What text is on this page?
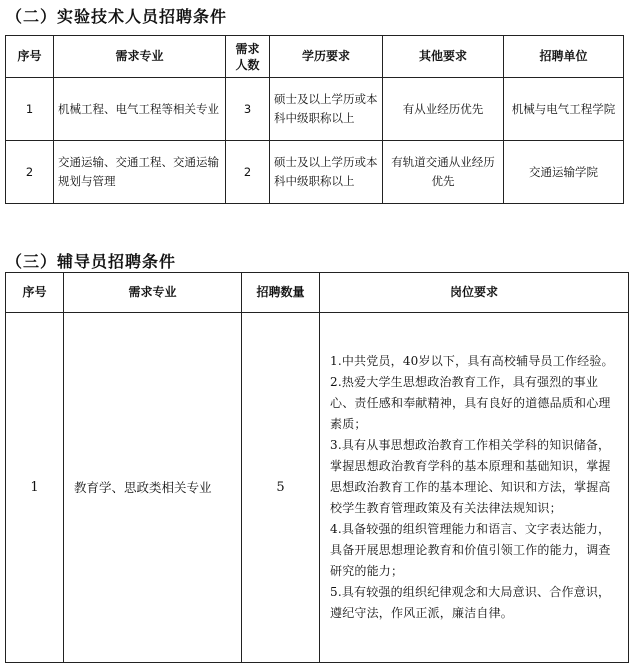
（二）实验技术人员招聘条件
序号	需求专业	需求人数	学历要求	其他要求	招聘单位
1	机械工程、电气工程等相关专业	3	硕士及以上学历或本科中级职称以上	有从业经历优先	机械与电气工程学院
2	交通运输、交通工程、交通运输规划与管理	2	硕士及以上学历或本科中级职称以上	有轨道交通从业经历优先	交通运输学院
（三）辅导员招聘条件
序号	需求专业	招聘数量	岗位要求
1	教育学、思政类相关专业	5	1.中共党员，40岁以下，具有高校辅导员工作经验。
2.热爱大学生思想政治教育工作，具有强烈的事业心、责任感和奉献精神，具有良好的道德品质和心理素质；
3.具有从事思想政治教育工作相关学科的知识储备，掌握思想政治教育学科的基本原理和基础知识，掌握思想政治教育工作的基本理论、知识和方法，掌握高校学生教育管理政策及有关法律法规知识；
4.具备较强的组织管理能力和语言、文字表达能力，具备开展思想理论教育和价值引领工作的能力，调查研究的能力；
5.具有较强的组织纪律观念和大局意识、合作意识，遵纪守法，作风正派，廉洁自律。
